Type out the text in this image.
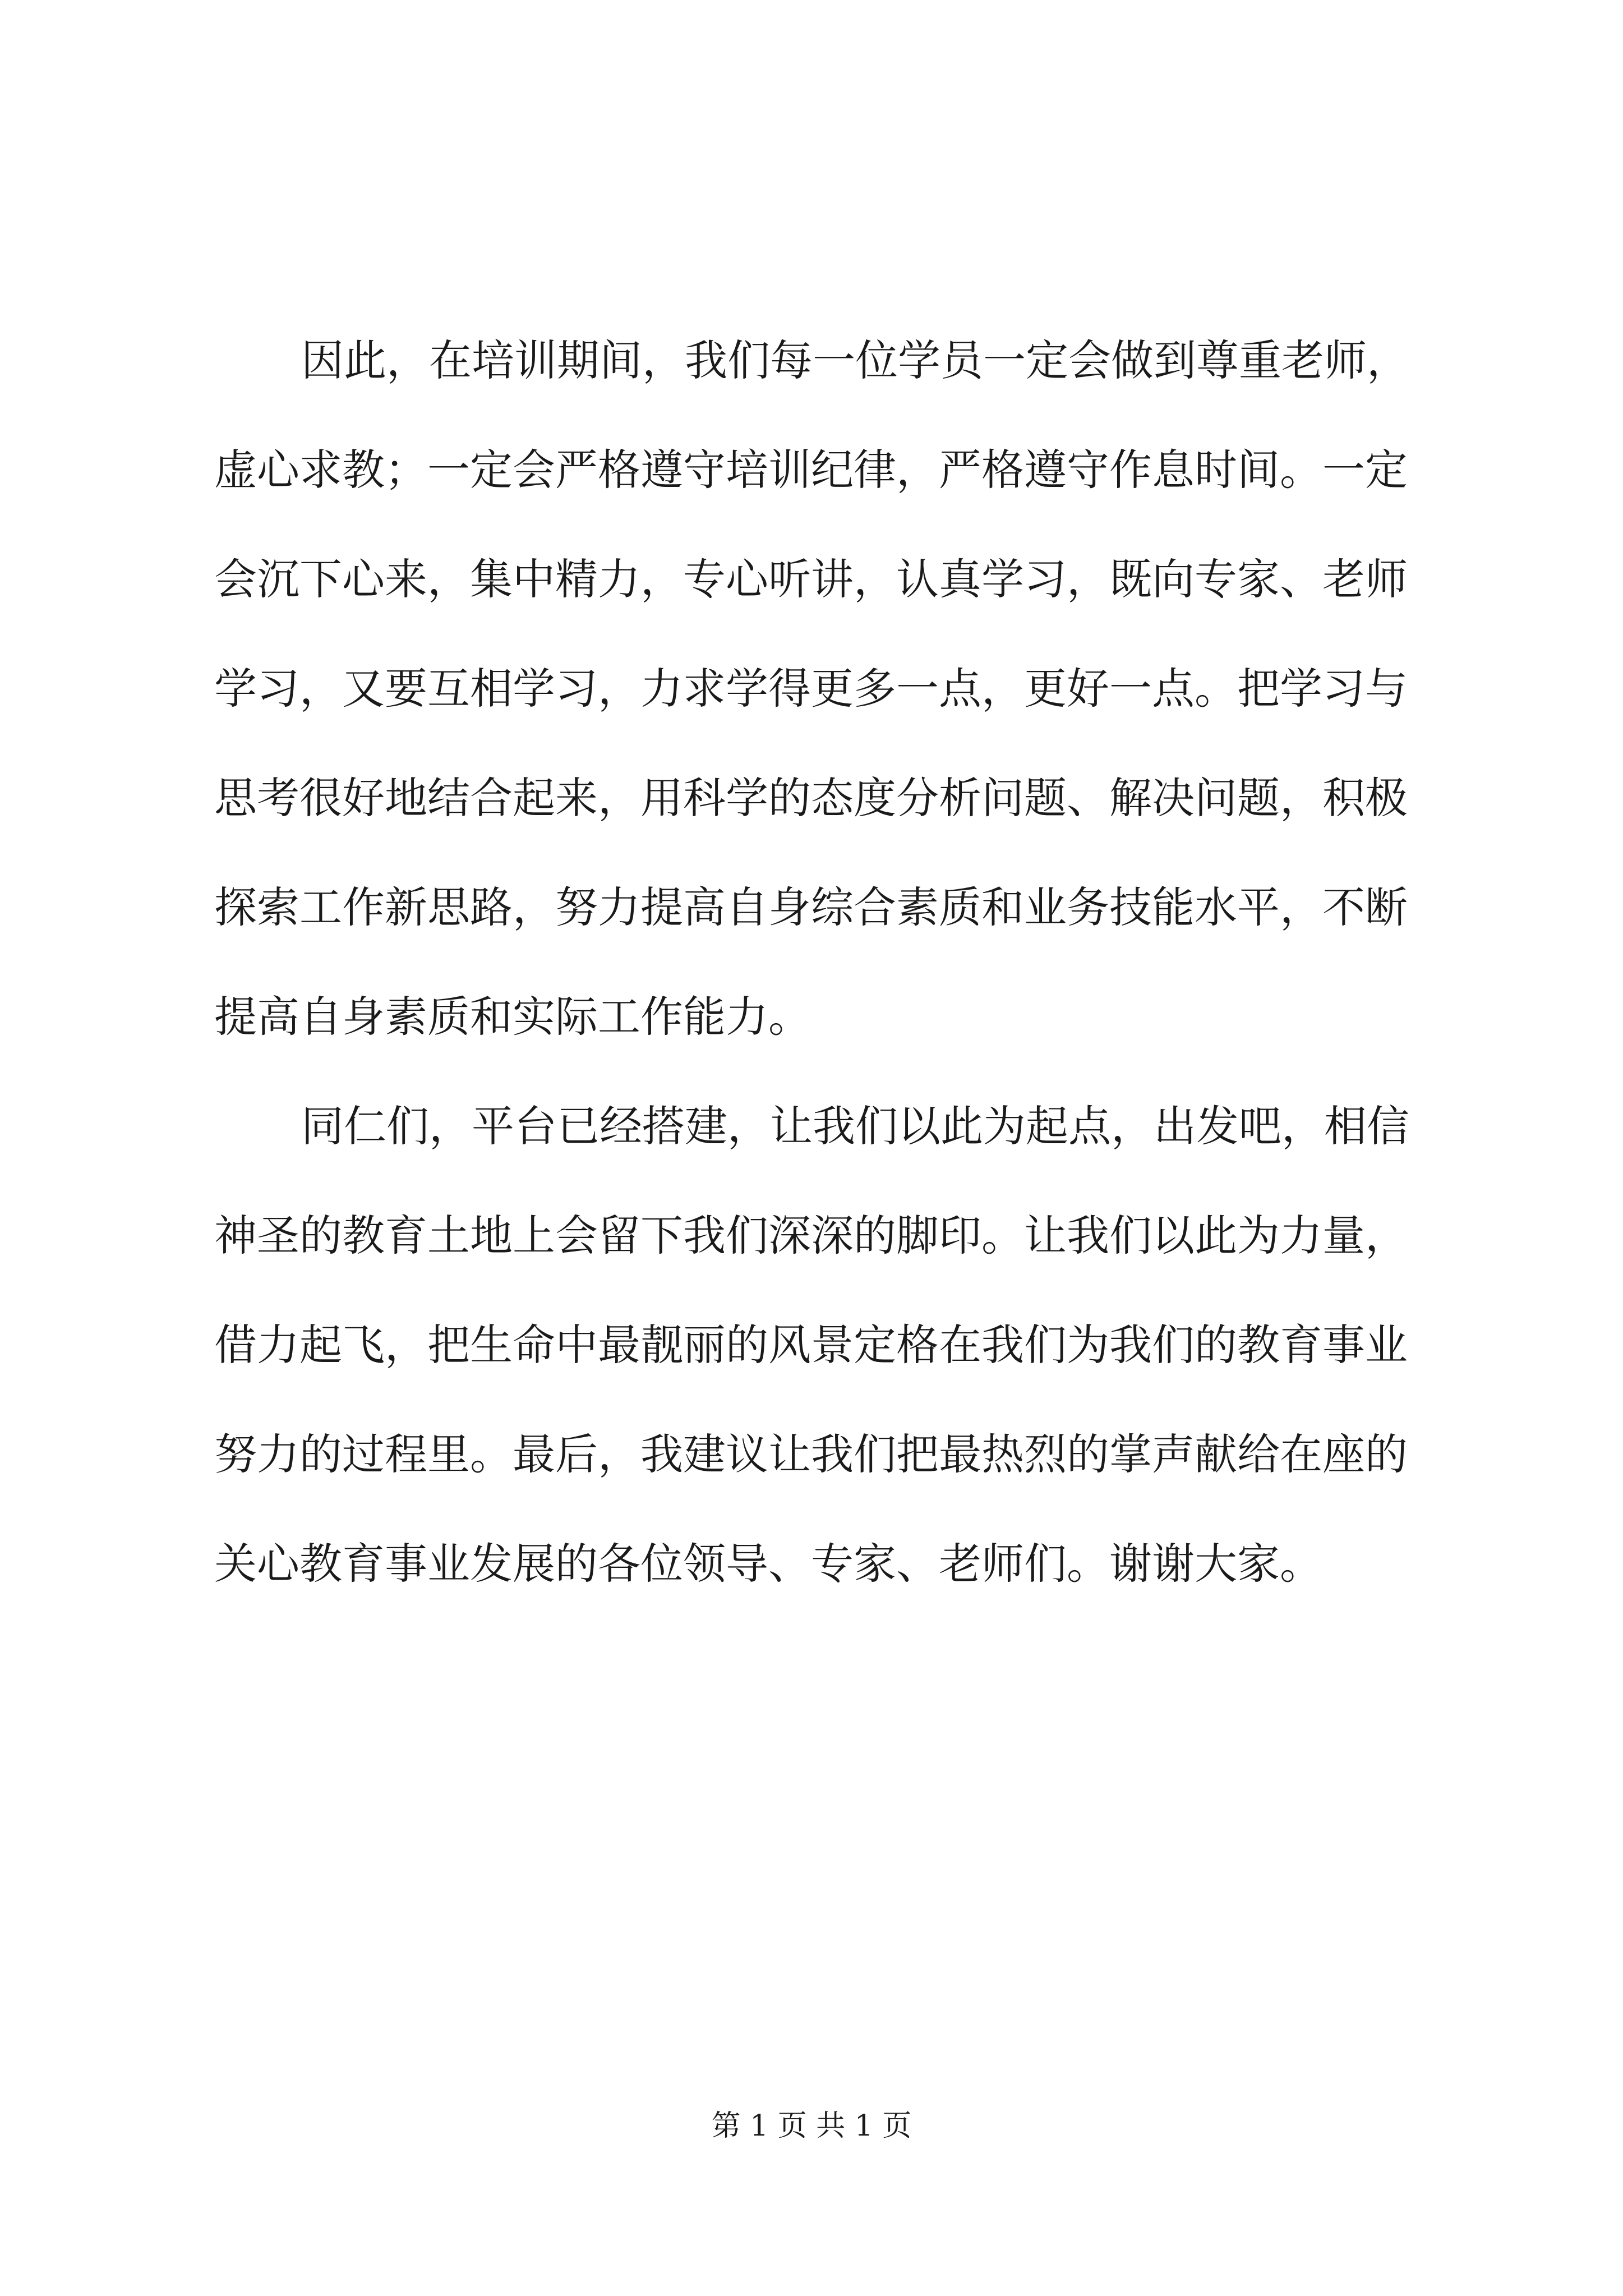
因此，在培训期间，我们每一位学员一定会做到尊重老师，
虚心求教；一定会严格遵守培训纪律，严格遵守作息时间。一定
会沉下心来，集中精力，专心听讲，认真学习，既向专家、老师
学习，又要互相学习，力求学得更多一点，更好一点。把学习与
思考很好地结合起来，用科学的态度分析问题、解决问题，积极
探索工作新思路，努力提高自身综合素质和业务技能水平，不断
提高自身素质和实际工作能力。
同仁们，平台已经搭建，让我们以此为起点，出发吧，相信
神圣的教育土地上会留下我们深深的脚印。让我们以此为力量，
借力起飞，把生命中最靓丽的风景定格在我们为我们的教育事业
努力的过程里。最后，我建议让我们把最热烈的掌声献给在座的
关心教育事业发展的各位领导、专家、老师们。谢谢大家。
第 1 页 共 1 页
